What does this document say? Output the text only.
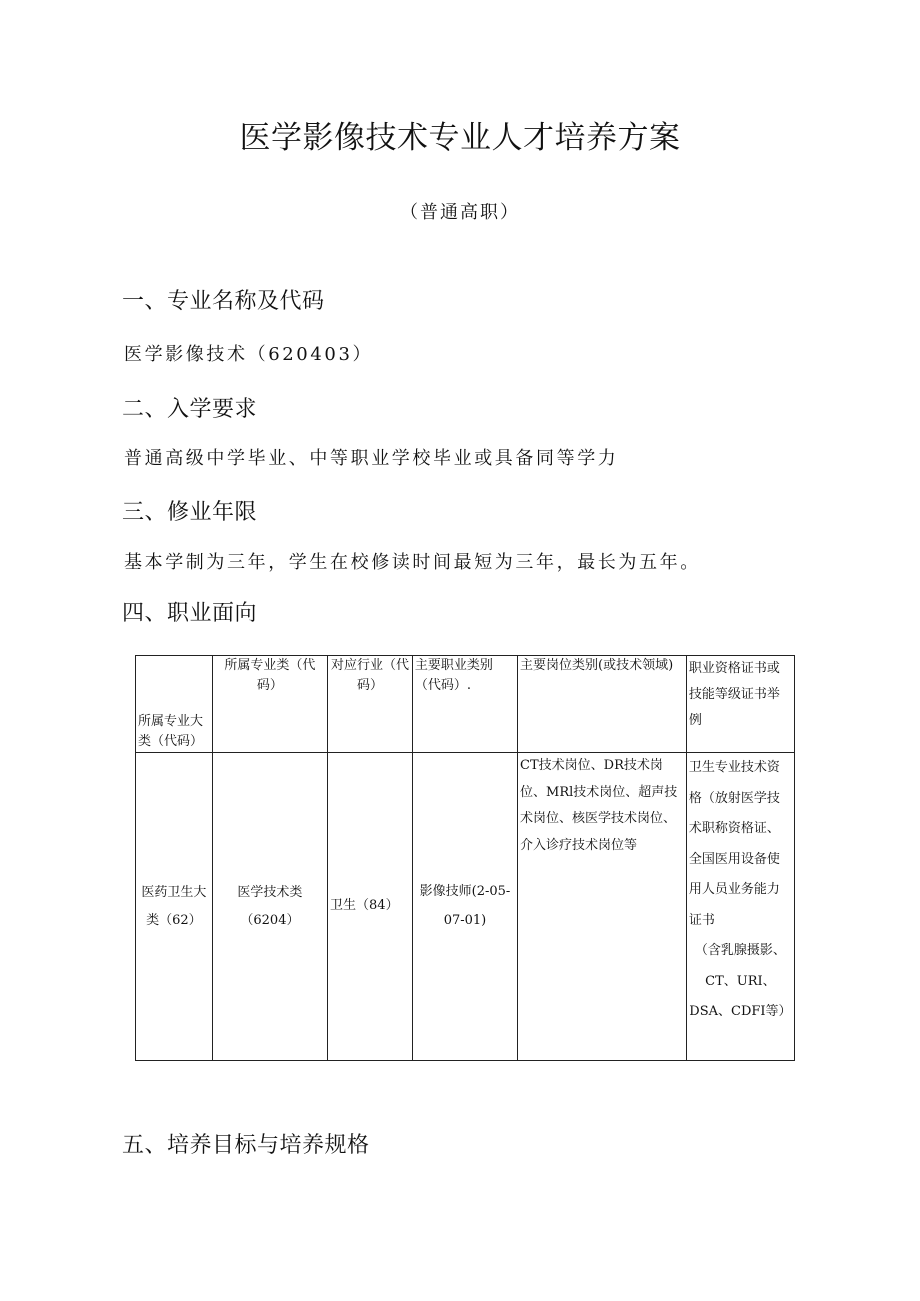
医学影像技术专业人才培养方案
（普通高职）
一、专业名称及代码
医学影像技术（620403）
二、入学要求
普通高级中学毕业、中等职业学校毕业或具备同等学力
三、修业年限
基本学制为三年，学生在校修读时间最短为三年，最长为五年。
四、职业面向
所属专业大类（代码）	所属专业类（代码）	对应行业（代码）	主要职业类别（代码）.	主要岗位类别(或技术领域)	职业资格证书或技能等级证书举例
医药卫生大类（62）	医学技术类（6204）	卫生（84）	影像技师(2-05-07-01)	CT技术岗位、DR技术岗位、MRl技术岗位、超声技术岗位、核医学技术岗位、介入诊疗技术岗位等	卫生专业技术资格（放射医学技术职称资格证、全国医用设备使用人员业务能力证书
（含乳腺摄影、CT、URI、DSA、CDFI等）
五、培养目标与培养规格
